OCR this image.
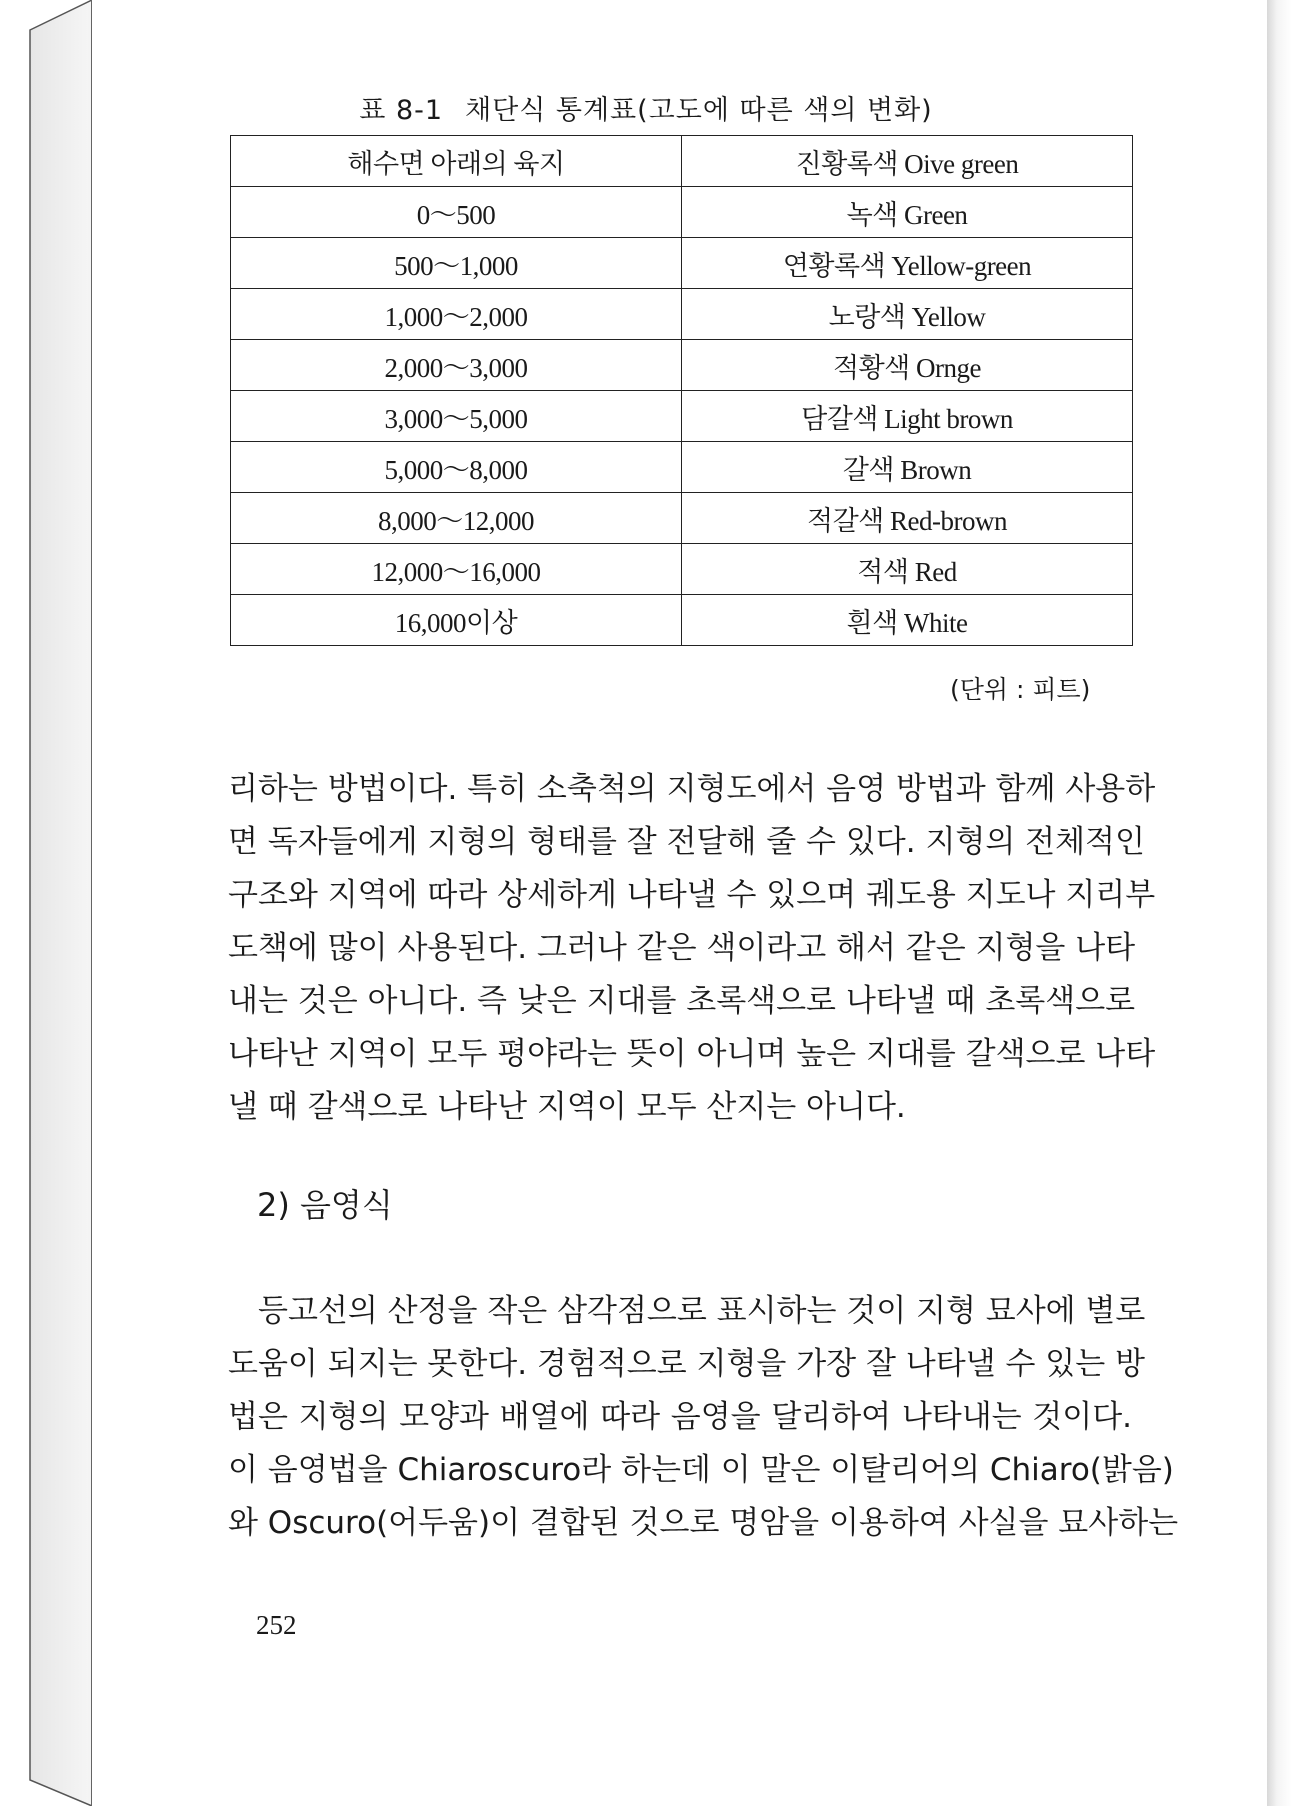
표 8-1 채단식 통계표(고도에 따른 색의 변화)
해수면 아래의 육지	진황록색 Oive green
0～500	녹색 Green
500～1,000	연황록색 Yellow-green
1,000～2,000	노랑색 Yellow
2,000～3,000	적황색 Ornge
3,000～5,000	담갈색 Light brown
5,000～8,000	갈색 Brown
8,000～12,000	적갈색 Red-brown
12,000～16,000	적색 Red
16,000이상	흰색 White
(단위 : 피트)
리하는 방법이다. 특히 소축척의 지형도에서 음영 방법과 함께 사용하
면 독자들에게 지형의 형태를 잘 전달해 줄 수 있다. 지형의 전체적인
구조와 지역에 따라 상세하게 나타낼 수 있으며 궤도용 지도나 지리부
도책에 많이 사용된다. 그러나 같은 색이라고 해서 같은 지형을 나타
내는 것은 아니다. 즉 낮은 지대를 초록색으로 나타낼 때 초록색으로
나타난 지역이 모두 평야라는 뜻이 아니며 높은 지대를 갈색으로 나타
낼 때 갈색으로 나타난 지역이 모두 산지는 아니다.
2) 음영식
등고선의 산정을 작은 삼각점으로 표시하는 것이 지형 묘사에 별로
도움이 되지는 못한다. 경험적으로 지형을 가장 잘 나타낼 수 있는 방
법은 지형의 모양과 배열에 따라 음영을 달리하여 나타내는 것이다.
이 음영법을 Chiaroscuro라 하는데 이 말은 이탈리어의 Chiaro(밝음)
와 Oscuro(어두움)이 결합된 것으로 명암을 이용하여 사실을 묘사하는
252
